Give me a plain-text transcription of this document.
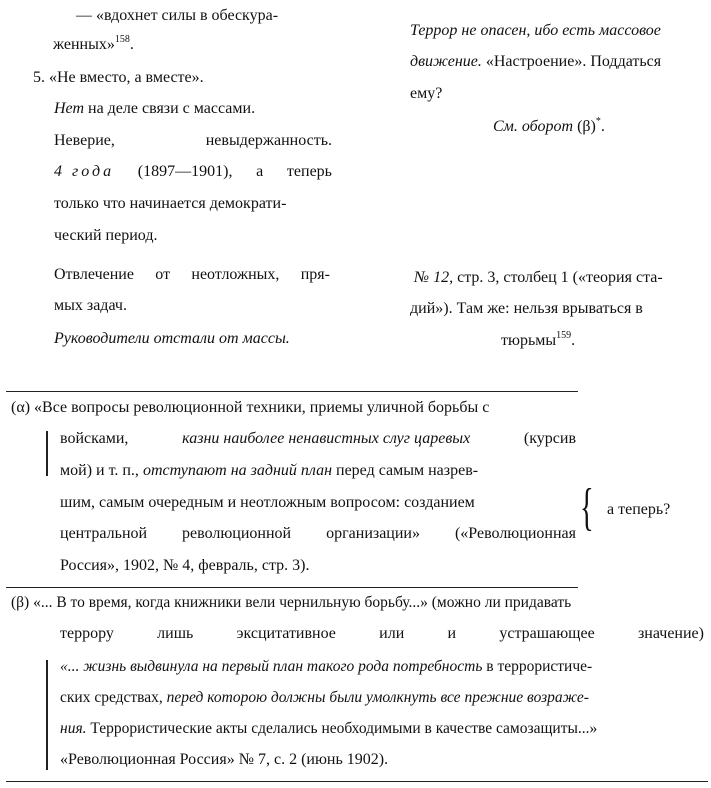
— «вдохнет силы в обескура-
женных»$^{158}$.
5. «Не вместо, а вместе».
Нет на деле связи с массами.
Неверие,	невыдержанность.
4 года (1897—1901), а теперь
только что начинается демократи-
ческий период.
Отвлечение от неотложных, пря-
мых задач.
Руководители отстали от массы.
Террор не опасен, ибо есть массовое
движение. «Настроение». Поддаться
ему?
См. оборот (β)*.
№ 12, стр. 3, столбец 1 («теория ста-
дий»). Там же: нельзя врываться в
тюрьмы$^{159}$.
(α) «Все вопросы революционной техники, приемы уличной борьбы с
войсками,	казни наиболее ненавистных слуг царевых	(курсив
мой) и т. п., отступают на задний план перед самым назрев-
шим, самым очередным и неотложным вопросом: созданием
центральной революционной организации» («Революционная
Россия», 1902, № 4, февраль, стр. 3).
{ а теперь?
(β) «... В то время, когда книжники вели чернильную борьбу...» (можно ли придавать
террору	лишь	эксцитативное	или	и	устрашающее	значение)
«... жизнь выдвинула на первый план такого рода потребность в террористиче-
ских средствах, перед которою должны были умолкнуть все прежние возраже-
ния. Террористические акты сделались необходимыми в качестве самозащиты...»
«Революционная Россия» № 7, с. 2 (июнь 1902).
